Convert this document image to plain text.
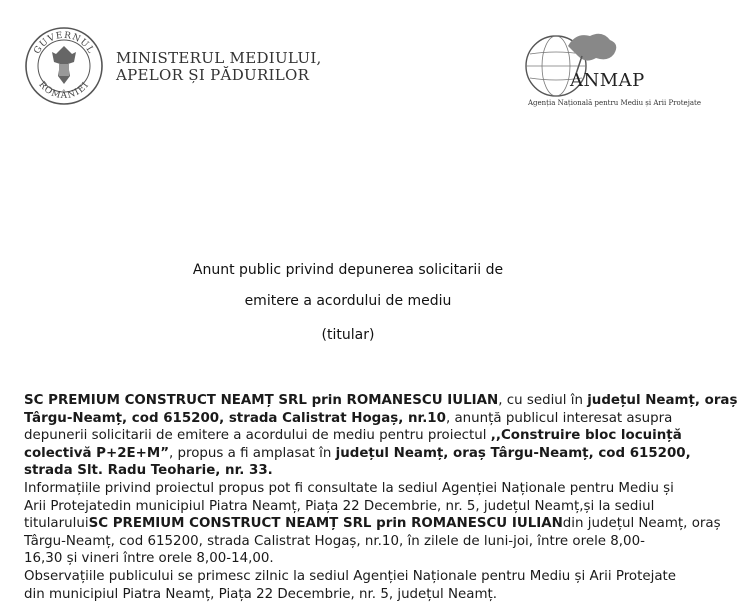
GUVERNUL
ROMÂNIEI
MINISTERUL MEDIULUI,
APELOR ȘI PĂDURILOR	ANMAP
Agenția Națională pentru Mediu și Arii Protejate
Anunt public privind depunerea solicitarii de
emitere a acordului de mediu
(titular)
SC PREMIUM CONSTRUCT NEAMȚ SRL prin ROMANESCU IULIAN, cu sediul în județul Neamț, oraș
Târgu-Neamț, cod 615200, strada Calistrat Hogaș, nr.10, anunță publicul interesat asupra
depunerii solicitarii de emitere a acordului de mediu pentru proiectul ,,Construire bloc locuință
colectivă P+2E+M”, propus a fi amplasat în județul Neamț, oraș Târgu-Neamț, cod 615200,
strada Slt. Radu Teoharie, nr. 33.
Informațiile privind proiectul propus pot fi consultate la sediul Agenției Naționale pentru Mediu și
Arii Protejatedin municipiul Piatra Neamț, Piața 22 Decembrie, nr. 5, județul Neamț,și la sediul
titularuluiSC PREMIUM CONSTRUCT NEAMȚ SRL prin ROMANESCU IULIANdin județul Neamț, oraș
Târgu-Neamț, cod 615200, strada Calistrat Hogaș, nr.10, în zilele de luni-joi, între orele 8,00-
16,30 și vineri între orele 8,00-14,00.
Observațiile publicului se primesc zilnic la sediul Agenției Naționale pentru Mediu și Arii Protejate
din municipiul Piatra Neamț, Piața 22 Decembrie, nr. 5, județul Neamț.
